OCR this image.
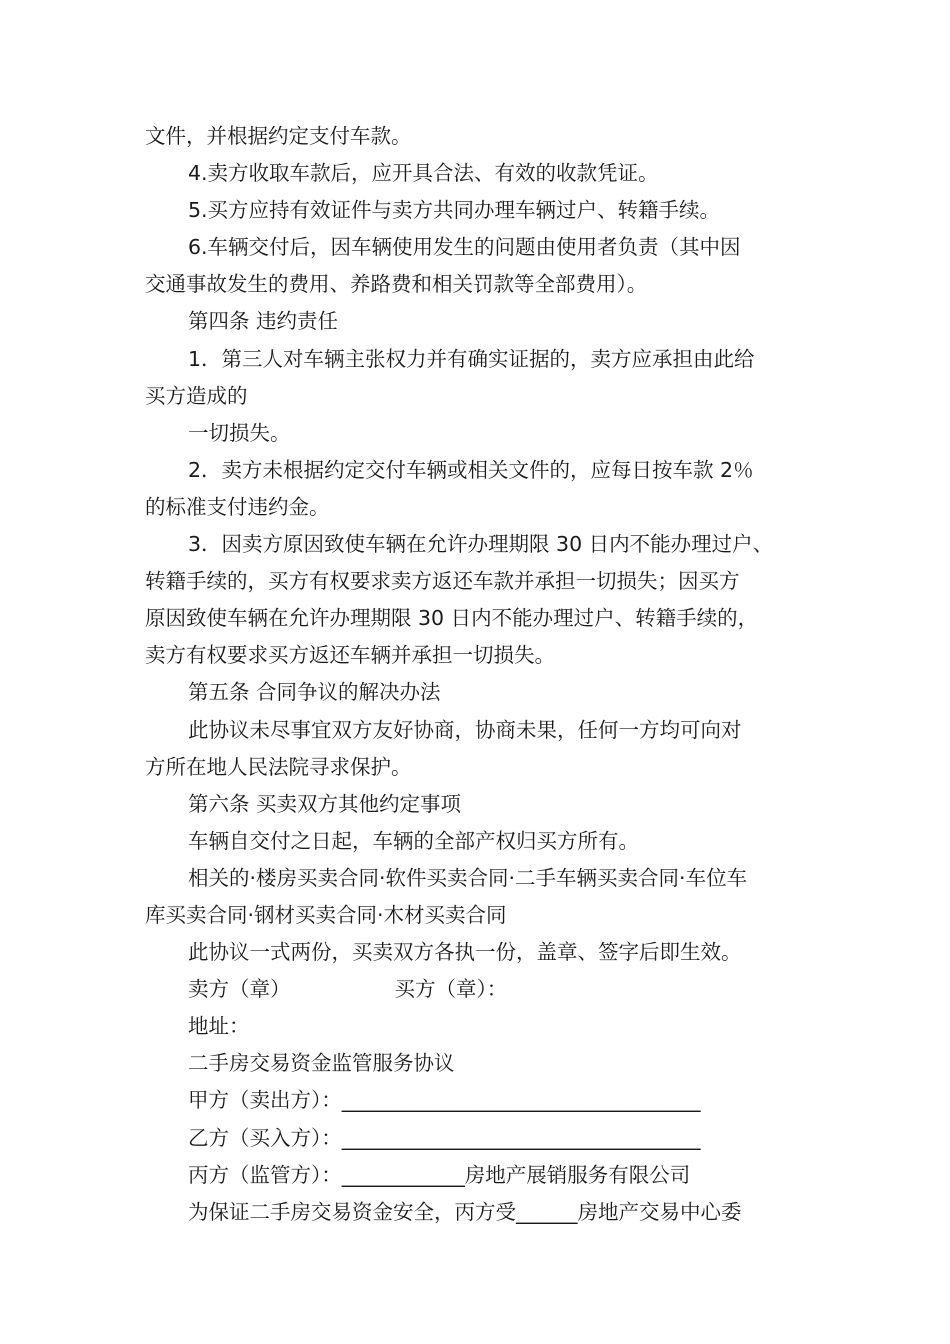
文件，并根据约定支付车款。
4.卖方收取车款后，应开具合法、有效的收款凭证。
5.买方应持有效证件与卖方共同办理车辆过户、转籍手续。
6.车辆交付后，因车辆使用发生的问题由使用者负责（其中因
交通事故发生的费用、养路费和相关罚款等全部费用）。
第四条 违约责任
1．第三人对车辆主张权力并有确实证据的，卖方应承担由此给
买方造成的
一切损失。
2．卖方未根据约定交付车辆或相关文件的，应每日按车款 2％
的标准支付违约金。
3．因卖方原因致使车辆在允许办理期限 30 日内不能办理过户、
转籍手续的，买方有权要求卖方返还车款并承担一切损失；因买方
原因致使车辆在允许办理期限 30 日内不能办理过户、转籍手续的，
卖方有权要求买方返还车辆并承担一切损失。
第五条 合同争议的解决办法
此协议未尽事宜双方友好协商，协商未果，任何一方均可向对
方所在地人民法院寻求保护。
第六条 买卖双方其他约定事项
车辆自交付之日起，车辆的全部产权归买方所有。
相关的·楼房买卖合同·软件买卖合同·二手车辆买卖合同·车位车
库买卖合同·钢材买卖合同·木材买卖合同
此协议一式两份，买卖双方各执一份，盖章、签字后即生效。
卖方（章）	买方（章）：
地址：
二手房交易资金监管服务协议
甲方（卖出方）：___________________________________
乙方（买入方）：___________________________________
丙方（监管方）：____________房地产展销服务有限公司
为保证二手房交易资金安全，丙方受______房地产交易中心委
